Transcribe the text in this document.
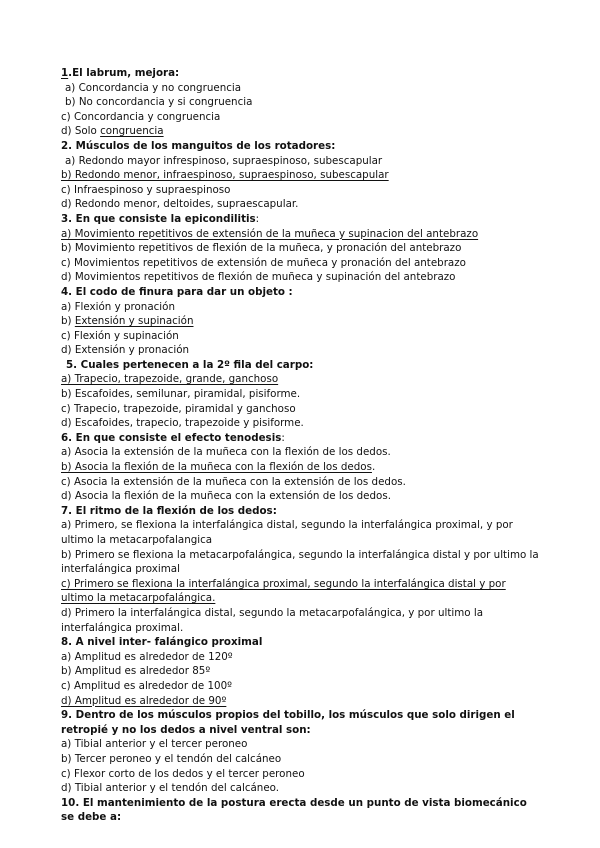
1.El labrum, mejora:
a) Concordancia y no congruencia
b) No concordancia y si congruencia
c) Concordancia y congruencia
d) Solo congruencia
2. Músculos de los manguitos de los rotadores:
a) Redondo mayor infrespinoso, supraespinoso, subescapular
b) Redondo menor, infraespinoso, supraespinoso, subescapular
c) Infraespinoso y supraespinoso
d) Redondo menor, deltoides, supraescapular.
3. En que consiste la epicondilitis:
a) Movimiento repetitivos de extensión de la muñeca y supinacion del antebrazo
b) Movimiento repetitivos de flexión de la muñeca, y pronación del antebrazo
c) Movimientos repetitivos de extensión de muñeca y pronación del antebrazo
d) Movimientos repetitivos de flexión de muñeca y supinación del antebrazo
4. El codo de finura para dar un objeto :
a) Flexión y pronación
b) Extensión y supinación
c) Flexión y supinación
d) Extensión y pronación
5. Cuales pertenecen a la 2º fila del carpo:
a) Trapecio, trapezoide, grande, ganchoso
b) Escafoides, semilunar, piramidal, pisiforme.
c) Trapecio, trapezoide, piramidal y ganchoso
d) Escafoides, trapecio, trapezoide y pisiforme.
6. En que consiste el efecto tenodesis:
a) Asocia la extensión de la muñeca con la flexión de los dedos.
b) Asocia la flexión de la muñeca con la flexión de los dedos.
c) Asocia la extensión de la muñeca con la extensión de los dedos.
d) Asocia la flexión de la muñeca con la extensión de los dedos.
7. El ritmo de la flexión de los dedos:
a) Primero, se flexiona la interfalángica distal, segundo la interfalángica proximal, y por ultimo la metacarpofalangica
b) Primero se flexiona la metacarpofalángica, segundo la interfalángica distal y por ultimo la interfalángica proximal
c) Primero se flexiona la interfalángica proximal, segundo la interfalángica distal y por ultimo la metacarpofalángica.
d) Primero la interfalángica distal, segundo la metacarpofalángica, y por ultimo la interfalángica proximal.
8. A nivel inter- falángico proximal
a) Amplitud es alrededor de 120º
b) Amplitud es alrededor 85º
c) Amplitud es alrededor de 100º
d) Amplitud es alrededor de 90º
9. Dentro de los músculos propios del tobillo, los músculos que solo dirigen el retropié y no los dedos a nivel ventral son:
a) Tibial anterior y el tercer peroneo
b) Tercer peroneo y el tendón del calcáneo
c) Flexor corto de los dedos y el tercer peroneo
d) Tibial anterior y el tendón del calcáneo.
10. El mantenimiento de la postura erecta desde un punto de vista biomecánico se debe a:
